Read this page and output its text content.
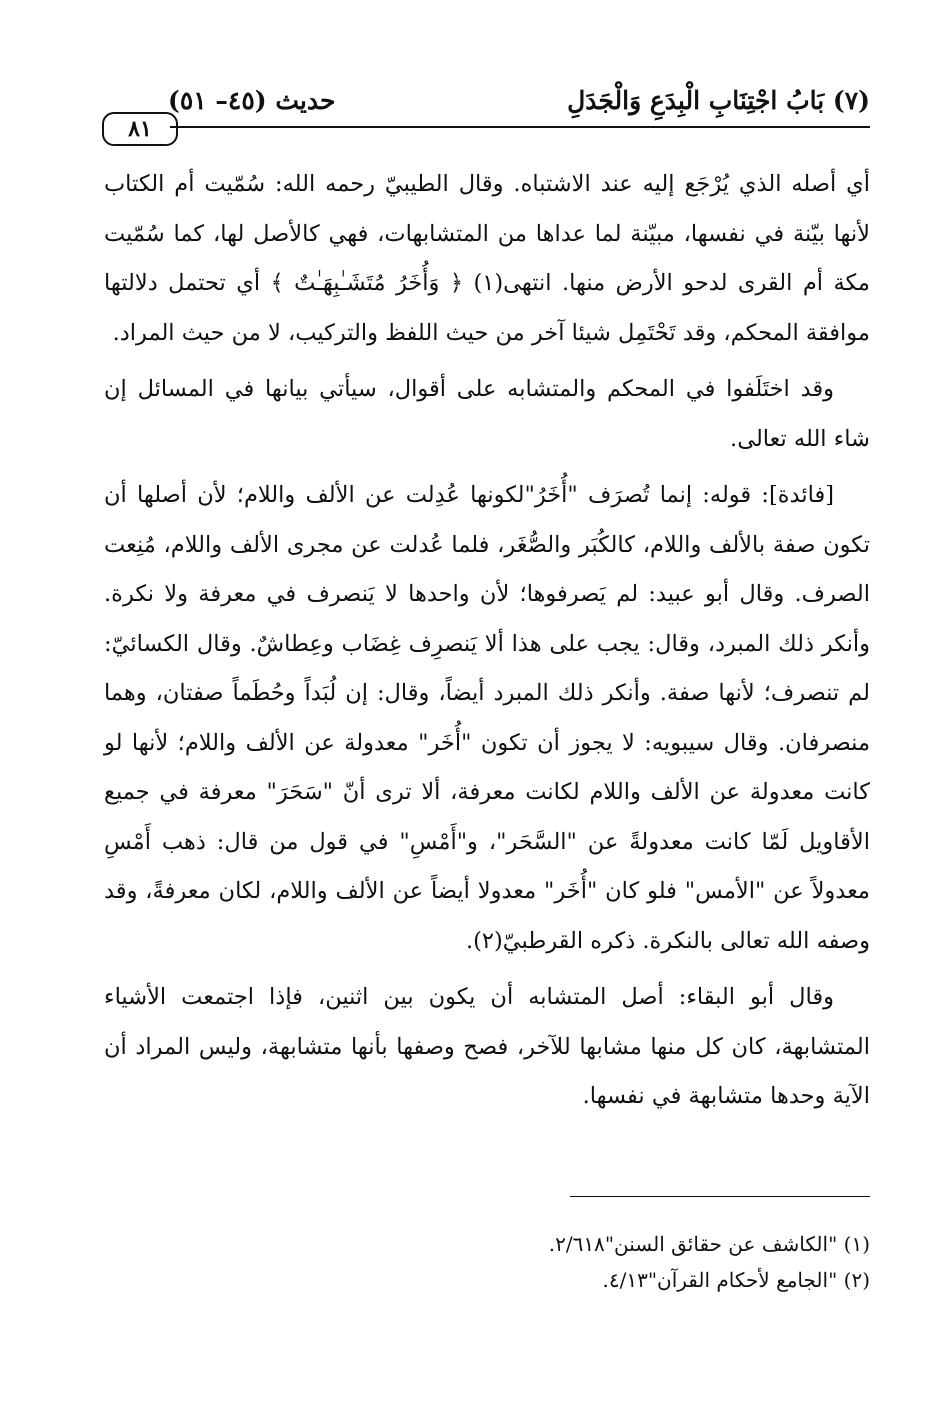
(٧) بَابُ اجْتِنَابِ الْبِدَعِ وَالْجَدَلِ
حديث (٤٥– ٥١)
٨١

أي أصله الذي يُرْجَع إليه عند الاشتباه. وقال الطيبيّ رحمه الله: سُمّيت أم الكتاب لأنها بيّنة في نفسها، مبيّنة لما عداها من المتشابهات، فهي كالأصل لها، كما سُمّيت مكة أم القرى لدحو الأرض منها. انتهى(١) ﴿ وَأُخَرُ مُتَشَـٰبِهَـٰتٌ ﴾ أي تحتمل دلالتها موافقة المحكم، وقد تَحْتَمِل شيئا آخر من حيث اللفظ والتركيب، لا من حيث المراد.

وقد اختَلَفوا في المحكم والمتشابه على أقوال، سيأتي بيانها في المسائل إن شاء الله تعالى.

[فائدة]: قوله: إنما تُصرَف "أُخَرُ"لكونها عُدِلت عن الألف واللام؛ لأن أصلها أن تكون صفة بالألف واللام، كالكُبَر والصُّغَر، فلما عُدلت عن مجرى الألف واللام، مُنِعت الصرف. وقال أبو عبيد: لم يَصرفوها؛ لأن واحدها لا يَنصرف في معرفة ولا نكرة. وأنكر ذلك المبرد، وقال: يجب على هذا ألا يَنصرِف غِضَاب وعِطاشٌ. وقال الكسائيّ: لم تنصرف؛ لأنها صفة. وأنكر ذلك المبرد أيضاً، وقال: إن لُبَداً وحُطَماً صفتان، وهما منصرفان. وقال سيبويه: لا يجوز أن تكون "أُخَر" معدولة عن الألف واللام؛ لأنها لو كانت معدولة عن الألف واللام لكانت معرفة، ألا ترى أنّ "سَحَرَ" معرفة في جميع الأقاويل لَمّا كانت معدولةً عن "السَّحَر"، و"أَمْسِ" في قول من قال: ذهب أَمْسِ معدولاً عن "الأمس" فلو كان "أُخَر" معدولا أيضاً عن الألف واللام، لكان معرفةً، وقد وصفه الله تعالى بالنكرة. ذكره القرطبيّ(٢).

وقال أبو البقاء: أصل المتشابه أن يكون بين اثنين، فإذا اجتمعت الأشياء المتشابهة، كان كل منها مشابها للآخر، فصح وصفها بأنها متشابهة، وليس المراد أن الآية وحدها متشابهة في نفسها.

(١) "الكاشف عن حقائق السنن"٢/٦١٨.

(٢) "الجامع لأحكام القرآن"٤/١٣.
